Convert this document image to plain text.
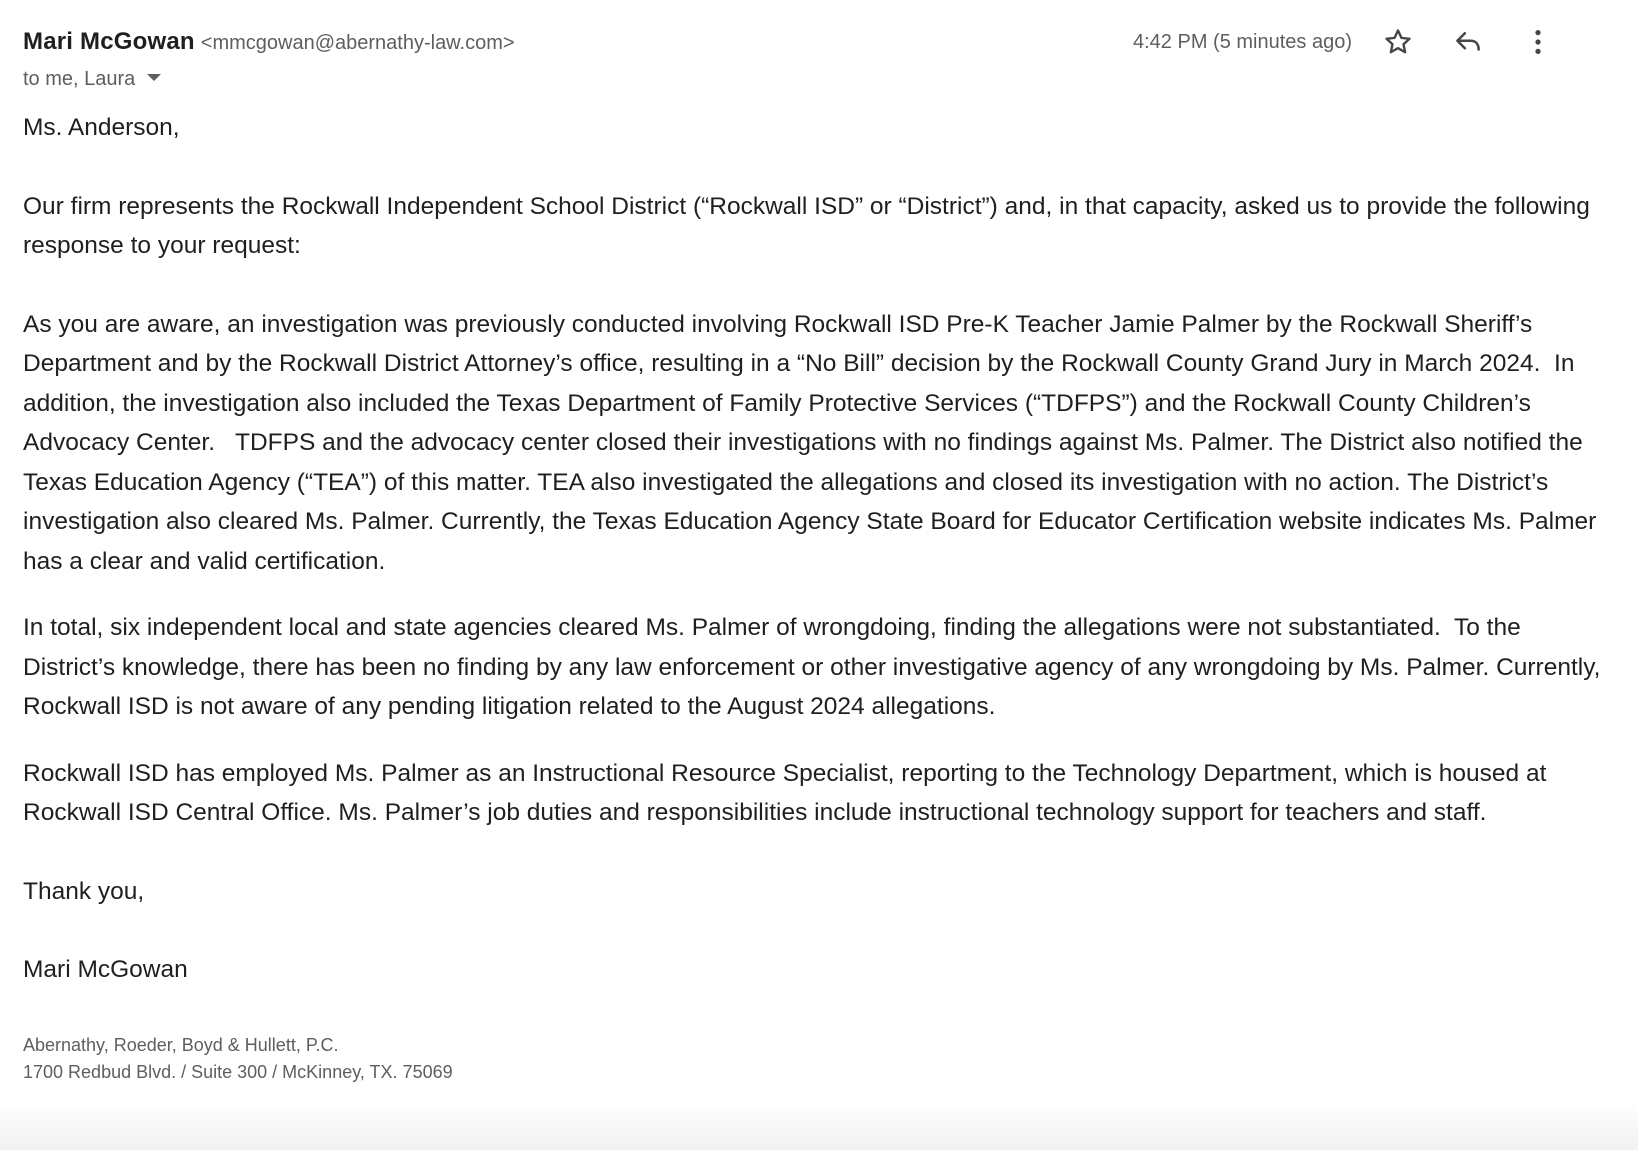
Mari McGowan <mmcgowan@abernathy-law.com>
to me, Laura
4:42 PM (5 minutes ago)

Ms. Anderson,

Our firm represents the Rockwall Independent School District (“Rockwall ISD” or “District”) and, in that capacity, asked us to provide the following response to your request:

As you are aware, an investigation was previously conducted involving Rockwall ISD Pre-K Teacher Jamie Palmer by the Rockwall Sheriff’s Department and by the Rockwall District Attorney’s office, resulting in a “No Bill” decision by the Rockwall County Grand Jury in March 2024.  In addition, the investigation also included the Texas Department of Family Protective Services (“TDFPS”) and the Rockwall County Children’s Advocacy Center.   TDFPS and the advocacy center closed their investigations with no findings against Ms. Palmer. The District also notified the Texas Education Agency (“TEA”) of this matter. TEA also investigated the allegations and closed its investigation with no action. The District’s investigation also cleared Ms. Palmer. Currently, the Texas Education Agency State Board for Educator Certification website indicates Ms. Palmer has a clear and valid certification.

In total, six independent local and state agencies cleared Ms. Palmer of wrongdoing, finding the allegations were not substantiated.  To the District’s knowledge, there has been no finding by any law enforcement or other investigative agency of any wrongdoing by Ms. Palmer. Currently, Rockwall ISD is not aware of any pending litigation related to the August 2024 allegations.

Rockwall ISD has employed Ms. Palmer as an Instructional Resource Specialist, reporting to the Technology Department, which is housed at Rockwall ISD Central Office. Ms. Palmer’s job duties and responsibilities include instructional technology support for teachers and staff.

Thank you,

Mari McGowan

Abernathy, Roeder, Boyd & Hullett, P.C.
1700 Redbud Blvd. / Suite 300 / McKinney, TX. 75069
